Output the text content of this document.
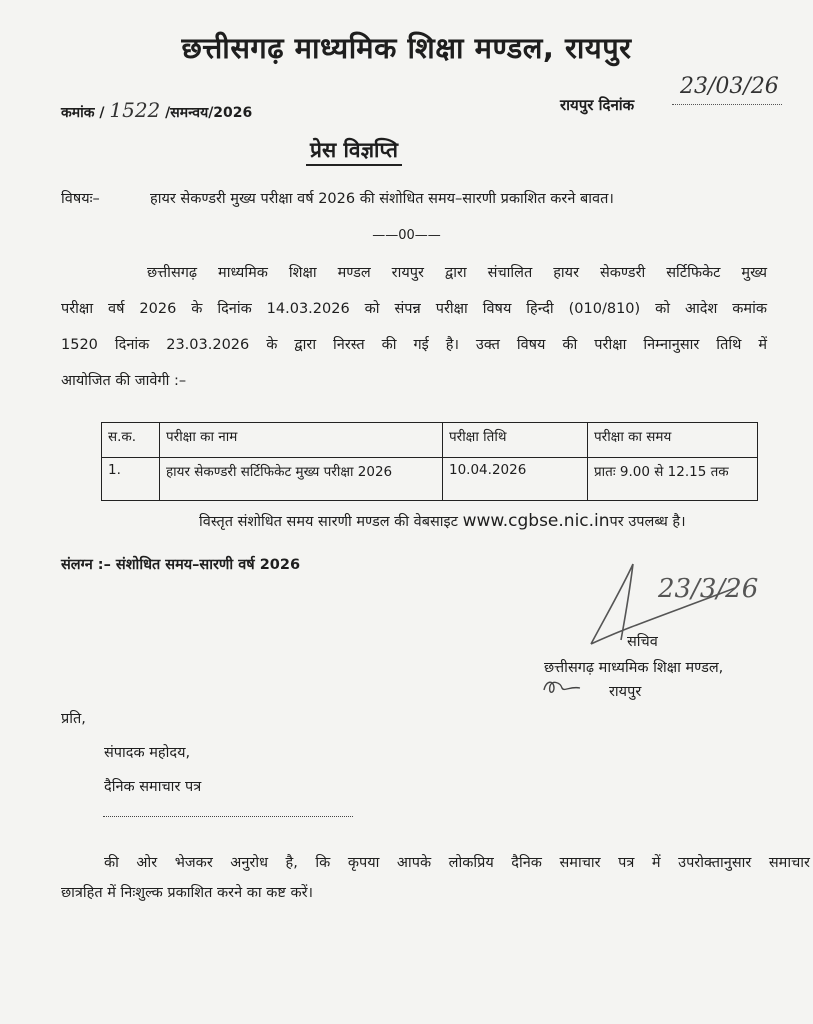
छत्तीसगढ़ माध्यमिक शिक्षा मण्डल, रायपुर
कमांक / 1522 /समन्वय/2026	रायपुर दिनांक
23/03/26
प्रेस विज्ञप्ति
विषयः–	हायर सेकण्डरी मुख्य परीक्षा वर्ष 2026 की संशोधित समय–सारणी प्रकाशित करने बावत।
——00——
छत्तीसगढ़ माध्यमिक शिक्षा मण्डल रायपुर द्वारा संचालित हायर सेकण्डरी सर्टिफिकेट मुख्य
परीक्षा वर्ष 2026 के दिनांक 14.03.2026 को संपन्न परीक्षा विषय हिन्दी (010/810) को आदेश कमांक
1520 दिनांक 23.03.2026 के द्वारा निरस्त की गई है। उक्त विषय की परीक्षा निम्नानुसार तिथि में
आयोजित की जावेगी :–
स.क.	परीक्षा का नाम	परीक्षा तिथि	परीक्षा का समय
1.	हायर सेकण्डरी सर्टिफिकेट मुख्य परीक्षा 2026	10.04.2026	प्रातः 9.00 से 12.15 तक
विस्तृत संशोधित समय सारणी मण्डल की वेबसाइट www.cgbse.nic.inपर उपलब्ध है।
संलग्न :– संशोधित समय–सारणी वर्ष 2026
23/3/26
सचिव
छत्तीसगढ़ माध्यमिक शिक्षा मण्डल,
रायपुर
प्रति,
संपादक महोदय,
दैनिक समाचार पत्र
की ओर भेजकर अनुरोध है, कि कृपया आपके लोकप्रिय दैनिक समाचार पत्र में उपरोक्तानुसार समाचार
छात्रहित में निःशुल्क प्रकाशित करने का कष्ट करें।
